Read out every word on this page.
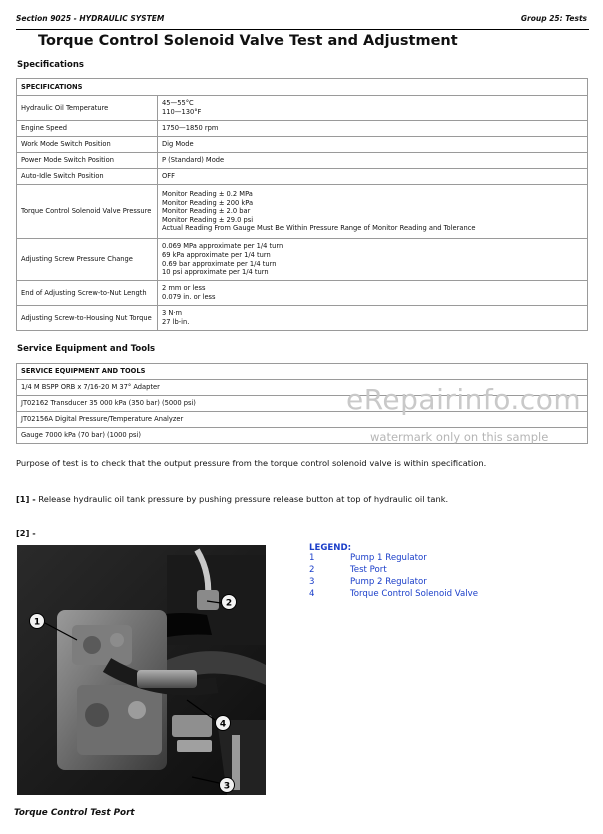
Section 9025 - HYDRAULIC SYSTEM	Group 25: Tests
Torque Control Solenoid Valve Test and Adjustment
Specifications
SPECIFICATIONS	
Hydraulic Oil Temperature	45—55°C
110—130°F

Engine Speed	1750—1850 rpm
Work Mode Switch Position	Dig Mode
Power Mode Switch Position	P (Standard) Mode
Auto-Idle Switch Position	OFF
Torque Control Solenoid Valve Pressure	Monitor Reading ± 0.2 MPa
Monitor Reading ± 200 kPa
Monitor Reading ± 2.0 bar
Monitor Reading ± 29.0 psi
Actual Reading From Gauge Must Be Within Pressure Range of Monitor Reading and Tolerance

Adjusting Screw Pressure Change	0.069 MPa approximate per 1/4 turn
69 kPa approximate per 1/4 turn
0.69 bar approximate per 1/4 turn
10 psi approximate per 1/4 turn

End of Adjusting Screw-to-Nut Length	2 mm or less
0.079 in. or less

Adjusting Screw-to-Housing Nut Torque	3 N·m
27 lb-in.
Service Equipment and Tools
SERVICE EQUIPMENT AND TOOLS
1/4 M BSPP ORB x 7/16-20 M 37° Adapter
JT02162 Transducer 35 000 kPa (350 bar) (5000 psi)
JT02156A Digital Pressure/Temperature Analyzer
Gauge 7000 kPa (70 bar) (1000 psi)
eRepairinfo.com
watermark only on this sample
Purpose of test is to check that the output pressure from the torque control solenoid valve is within specification.
[1] - Release hydraulic oil tank pressure by pushing pressure release button at top of hydraulic oil tank.
[2] -
1
2
4
3
LEGEND:
1	Pump 1 Regulator
2	Test Port
3	Pump 2 Regulator
4	Torque Control Solenoid Valve
Torque Control Test Port
